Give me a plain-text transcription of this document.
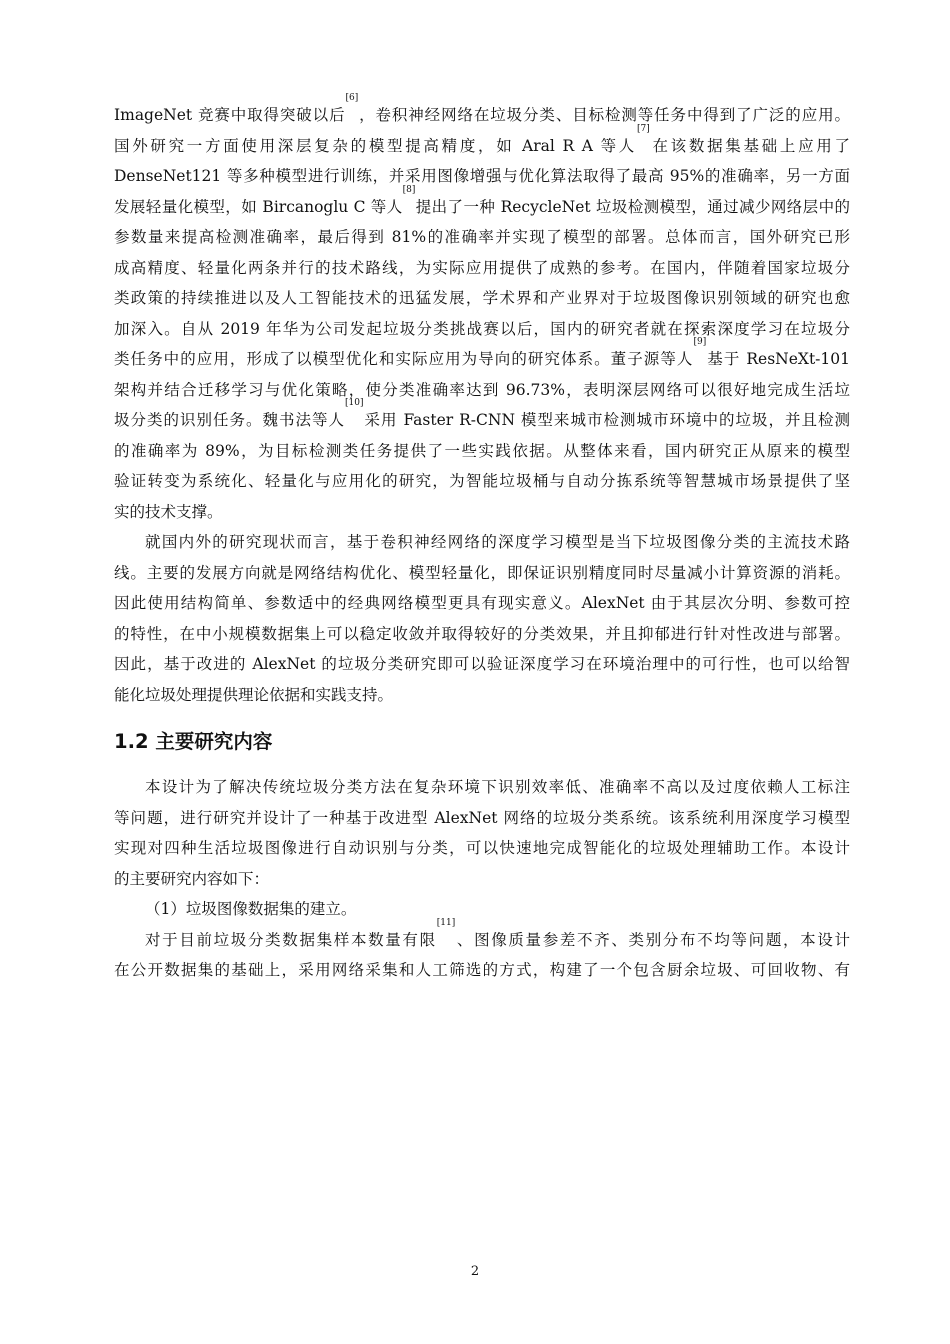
ImageNet 竞赛中取得突破以后[6]，卷积神经网络在垃圾分类、目标检测等任务中得到了广泛的应用。

国外研究一方面使用深层复杂的模型提高精度，如 Aral R A 等人[7]在该数据集基础上应用了

DenseNet121 等多种模型进行训练，并采用图像增强与优化算法取得了最高 95%的准确率，另一方面

发展轻量化模型，如 Bircanoglu C 等人[8]提出了一种 RecycleNet 垃圾检测模型，通过减少网络层中的

参数量来提高检测准确率，最后得到 81%的准确率并实现了模型的部署。总体而言，国外研究已形

成高精度、轻量化两条并行的技术路线，为实际应用提供了成熟的参考。在国内，伴随着国家垃圾分

类政策的持续推进以及人工智能技术的迅猛发展，学术界和产业界对于垃圾图像识别领域的研究也愈

加深入。自从 2019 年华为公司发起垃圾分类挑战赛以后，国内的研究者就在探索深度学习在垃圾分

类任务中的应用，形成了以模型优化和实际应用为导向的研究体系。董子源等人[9]基于 ResNeXt-101

架构并结合迁移学习与优化策略，使分类准确率达到 96.73%，表明深层网络可以很好地完成生活垃

圾分类的识别任务。魏书法等人[10]采用 Faster R-CNN 模型来城市检测城市环境中的垃圾，并且检测

的准确率为 89%，为目标检测类任务提供了一些实践依据。从整体来看，国内研究正从原来的模型

验证转变为系统化、轻量化与应用化的研究，为智能垃圾桶与自动分拣系统等智慧城市场景提供了坚

实的技术支撑。

就国内外的研究现状而言，基于卷积神经网络的深度学习模型是当下垃圾图像分类的主流技术路

线。主要的发展方向就是网络结构优化、模型轻量化，即保证识别精度同时尽量减小计算资源的消耗。

因此使用结构简单、参数适中的经典网络模型更具有现实意义。AlexNet 由于其层次分明、参数可控

的特性，在中小规模数据集上可以稳定收敛并取得较好的分类效果，并且抑郁进行针对性改进与部署。

因此，基于改进的 AlexNet 的垃圾分类研究即可以验证深度学习在环境治理中的可行性，也可以给智

能化垃圾处理提供理论依据和实践支持。

1.2 主要研究内容

本设计为了解决传统垃圾分类方法在复杂环境下识别效率低、准确率不高以及过度依赖人工标注

等问题，进行研究并设计了一种基于改进型 AlexNet 网络的垃圾分类系统。该系统利用深度学习模型

实现对四种生活垃圾图像进行自动识别与分类，可以快速地完成智能化的垃圾处理辅助工作。本设计

的主要研究内容如下：

（1）垃圾图像数据集的建立。

对于目前垃圾分类数据集样本数量有限[11]、图像质量参差不齐、类别分布不均等问题，本设计

在公开数据集的基础上，采用网络采集和人工筛选的方式，构建了一个包含厨余垃圾、可回收物、有

2
